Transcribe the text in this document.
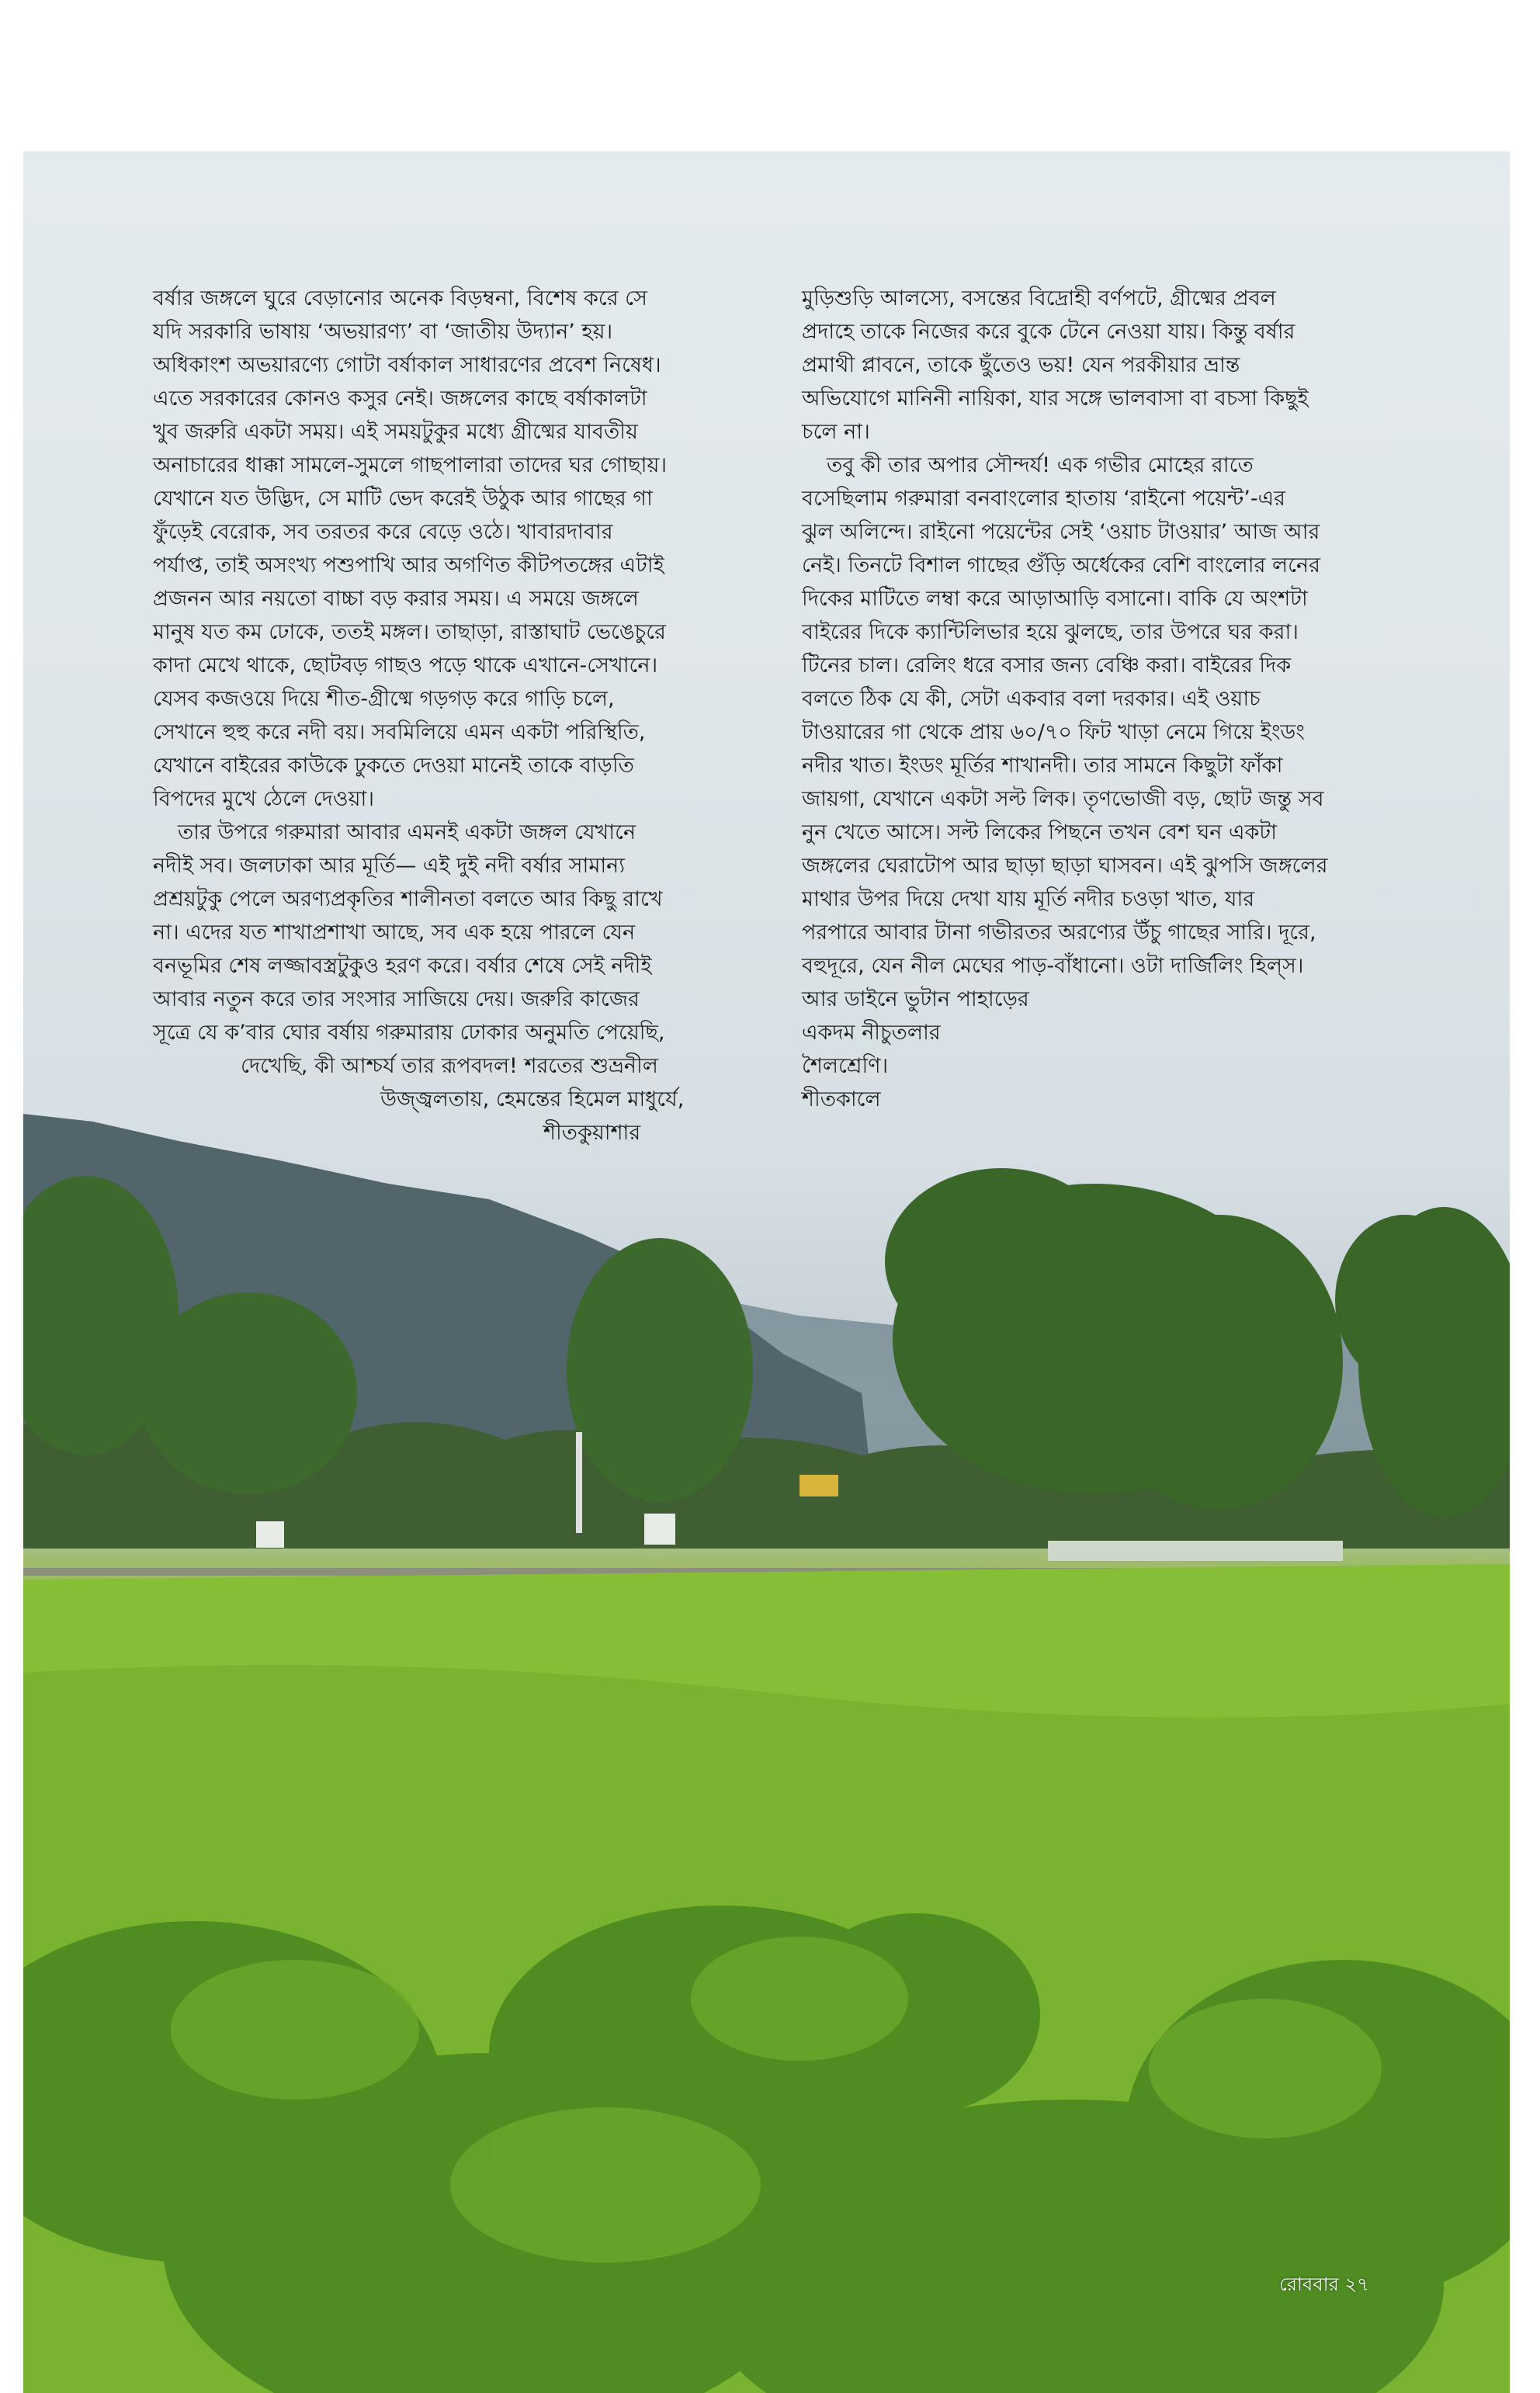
বর্ষার জঙ্গলে ঘুরে বেড়ানোর অনেক বিড়ম্বনা, বিশেষ করে সে

যদি সরকারি ভাষায় ‘অভয়ারণ্য’ বা ‘জাতীয় উদ্যান’ হয়।

অধিকাংশ অভয়ারণ্যে গোটা বর্ষাকাল সাধারণের প্রবেশ নিষেধ।

এতে সরকারের কোনও কসুর নেই। জঙ্গলের কাছে বর্ষাকালটা

খুব জরুরি একটা সময়। এই সময়টুকুর মধ্যে গ্রীষ্মের যাবতীয়

অনাচারের ধাক্কা সামলে-সুমলে গাছপালারা তাদের ঘর গোছায়।

যেখানে যত উদ্ভিদ, সে মাটি ভেদ করেই উঠুক আর গাছের গা

ফুঁড়েই বেরোক, সব তরতর করে বেড়ে ওঠে। খাবারদাবার

পর্যাপ্ত, তাই অসংখ্য পশুপাখি আর অগণিত কীটপতঙ্গের এটাই

প্রজনন আর নয়তো বাচ্চা বড় করার সময়। এ সময়ে জঙ্গলে

মানুষ যত কম ঢোকে, ততই মঙ্গল। তাছাড়া, রাস্তাঘাট ভেঙেচুরে

কাদা মেখে থাকে, ছোটবড় গাছও পড়ে থাকে এখানে-সেখানে।

যেসব কজওয়ে দিয়ে শীত-গ্রীষ্মে গড়গড় করে গাড়ি চলে,

সেখানে হুহু করে নদী বয়। সবমিলিয়ে এমন একটা পরিস্থিতি,

যেখানে বাইরের কাউকে ঢুকতে দেওয়া মানেই তাকে বাড়তি

বিপদের মুখে ঠেলে দেওয়া।

তার উপরে গরুমারা আবার এমনই একটা জঙ্গল যেখানে

নদীই সব। জলঢাকা আর মূর্তি— এই দুই নদী বর্ষার সামান্য

প্রশ্রয়টুকু পেলে অরণ্যপ্রকৃতির শালীনতা বলতে আর কিছু রাখে

না। এদের যত শাখাপ্রশাখা আছে, সব এক হয়ে পারলে যেন

বনভূমির শেষ লজ্জাবস্ত্রটুকুও হরণ করে। বর্ষার শেষে সেই নদীই

আবার নতুন করে তার সংসার সাজিয়ে দেয়। জরুরি কাজের

সূত্রে যে ক’বার ঘোর বর্ষায় গরুমারায় ঢোকার অনুমতি পেয়েছি,

দেখেছি, কী আশ্চর্য তার রূপবদল! শরতের শুভ্রনীল
উজ্জ্বলতায়, হেমন্তের হিমেল মাধুর্যে,
শীতকুয়াশার

মুড়িশুড়ি আলস্যে, বসন্তের বিদ্রোহী বর্ণপটে, গ্রীষ্মের প্রবল

প্রদাহে তাকে নিজের করে বুকে টেনে নেওয়া যায়। কিন্তু বর্ষার

প্রমাথী প্লাবনে, তাকে ছুঁতেও ভয়! যেন পরকীয়ার ভ্রান্ত

অভিযোগে মানিনী নায়িকা, যার সঙ্গে ভালবাসা বা বচসা কিছুই

চলে না।

তবু কী তার অপার সৌন্দর্য! এক গভীর মোহের রাতে

বসেছিলাম গরুমারা বনবাংলোর হাতায় ‘রাইনো পয়েন্ট’-এর

ঝুল অলিন্দে। রাইনো পয়েন্টের সেই ‘ওয়াচ টাওয়ার’ আজ আর

নেই। তিনটে বিশাল গাছের গুঁড়ি অর্ধেকের বেশি বাংলোর লনের

দিকের মাটিতে লম্বা করে আড়াআড়ি বসানো। বাকি যে অংশটা

বাইরের দিকে ক্যান্টিলিভার হয়ে ঝুলছে, তার উপরে ঘর করা।

টিনের চাল। রেলিং ধরে বসার জন্য বেঞ্চি করা। বাইরের দিক

বলতে ঠিক যে কী, সেটা একবার বলা দরকার। এই ওয়াচ

টাওয়ারের গা থেকে প্রায় ৬০/৭০ ফিট খাড়া নেমে গিয়ে ইংডং

নদীর খাত। ইংডং মূর্তির শাখানদী। তার সামনে কিছুটা ফাঁকা

জায়গা, যেখানে একটা সল্ট লিক। তৃণভোজী বড়, ছোট জন্তু সব

নুন খেতে আসে। সল্ট লিকের পিছনে তখন বেশ ঘন একটা

জঙ্গলের ঘেরাটোপ আর ছাড়া ছাড়া ঘাসবন। এই ঝুপসি জঙ্গলের

মাথার উপর দিয়ে দেখা যায় মূর্তি নদীর চওড়া খাত, যার

পরপারে আবার টানা গভীরতর অরণ্যের উঁচু গাছের সারি। দূরে,

বহুদূরে, যেন নীল মেঘের পাড়-বাঁধানো। ওটা দার্জিলিং হিল্‌স।

আর ডাইনে ভুটান পাহাড়ের

একদম নীচুতলার

শৈলশ্রেণি।

শীতকালে

রোববার ২৭
